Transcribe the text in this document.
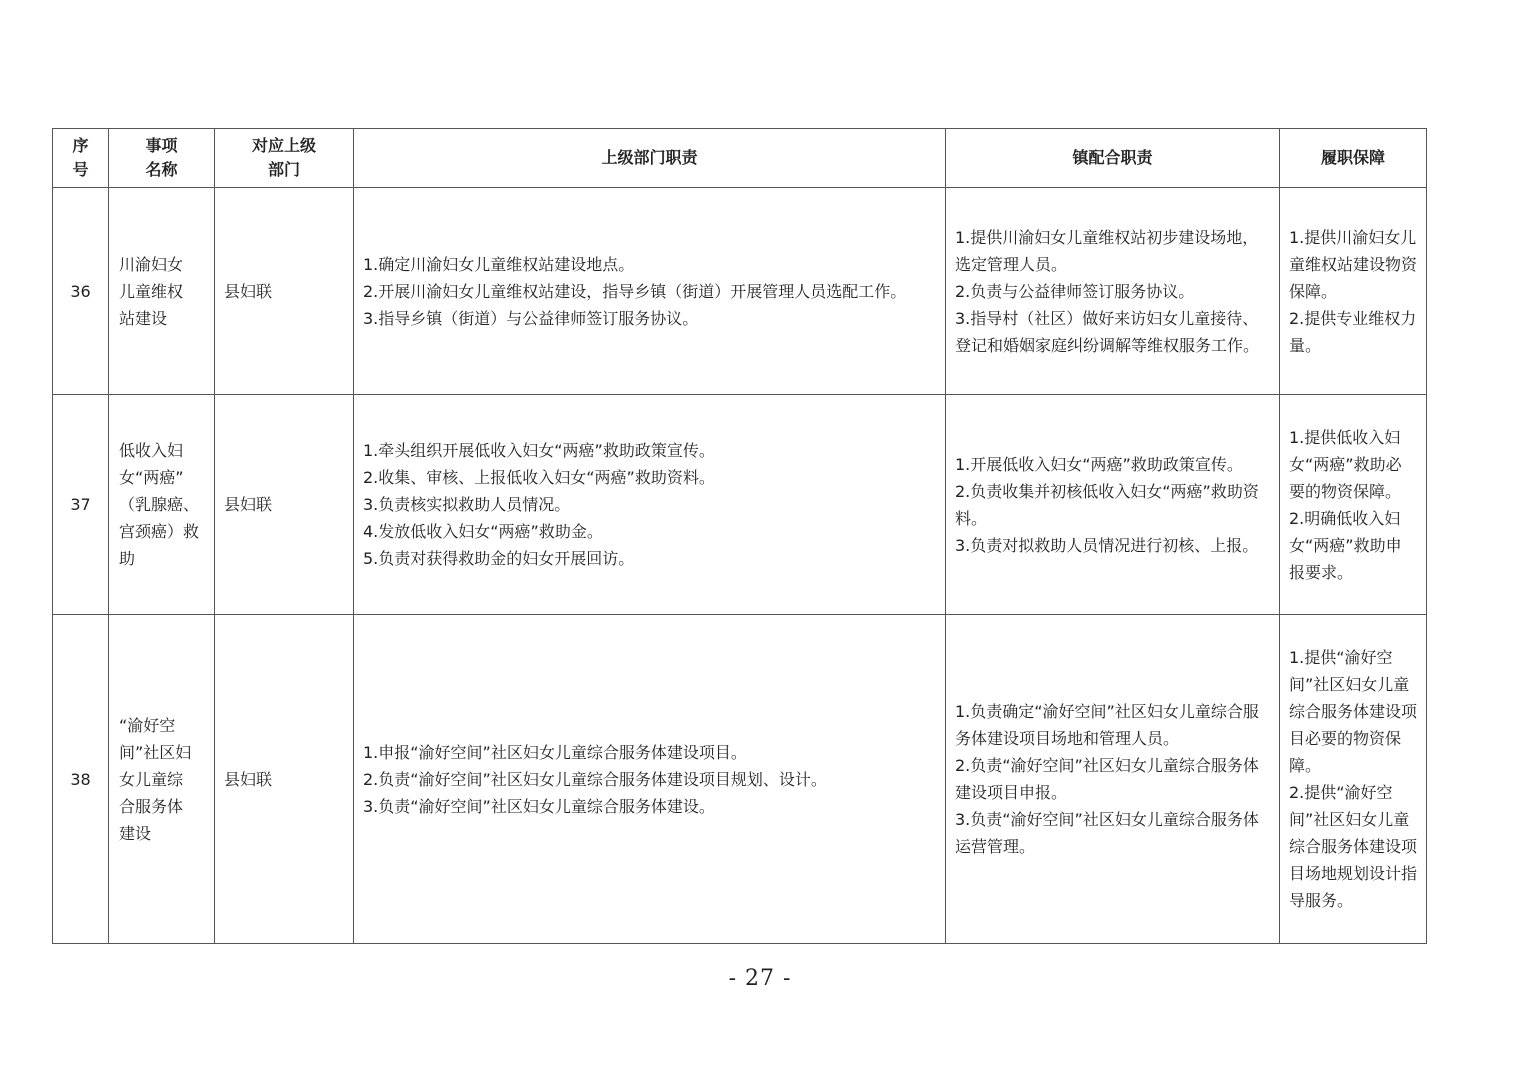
序
号	事项
名称	对应上级
部门	上级部门职责	镇配合职责	履职保障

36	川渝妇女
儿童维权
站建设	县妇联	1.确定川渝妇女儿童维权站建设地点。
2.开展川渝妇女儿童维权站建设，指导乡镇（街道）开展管理人员选配工作。
3.指导乡镇（街道）与公益律师签订服务协议。	1.提供川渝妇女儿童维权站初步建设场地，选定管理人员。
2.负责与公益律师签订服务协议。
3.指导村（社区）做好来访妇女儿童接待、登记和婚姻家庭纠纷调解等维权服务工作。	1.提供川渝妇女儿童维权站建设物资保障。
2.提供专业维权力量。

37	低收入妇
女“两癌”
（乳腺癌、
宫颈癌）救
助	县妇联	1.牵头组织开展低收入妇女“两癌”救助政策宣传。
2.收集、审核、上报低收入妇女“两癌”救助资料。
3.负责核实拟救助人员情况。
4.发放低收入妇女“两癌”救助金。
5.负责对获得救助金的妇女开展回访。	1.开展低收入妇女“两癌”救助政策宣传。
2.负责收集并初核低收入妇女“两癌”救助资料。
3.负责对拟救助人员情况进行初核、上报。	1.提供低收入妇女“两癌”救助必要的物资保障。
2.明确低收入妇女“两癌”救助申报要求。

38	“渝好空
间”社区妇
女儿童综
合服务体
建设	县妇联	1.申报“渝好空间”社区妇女儿童综合服务体建设项目。
2.负责“渝好空间”社区妇女儿童综合服务体建设项目规划、设计。
3.负责“渝好空间”社区妇女儿童综合服务体建设。	1.负责确定“渝好空间”社区妇女儿童综合服务体建设项目场地和管理人员。
2.负责“渝好空间”社区妇女儿童综合服务体建设项目申报。
3.负责“渝好空间”社区妇女儿童综合服务体运营管理。	1.提供“渝好空间”社区妇女儿童综合服务体建设项目必要的物资保障。
2.提供“渝好空间”社区妇女儿童综合服务体建设项目场地规划设计指导服务。
- 27 -
